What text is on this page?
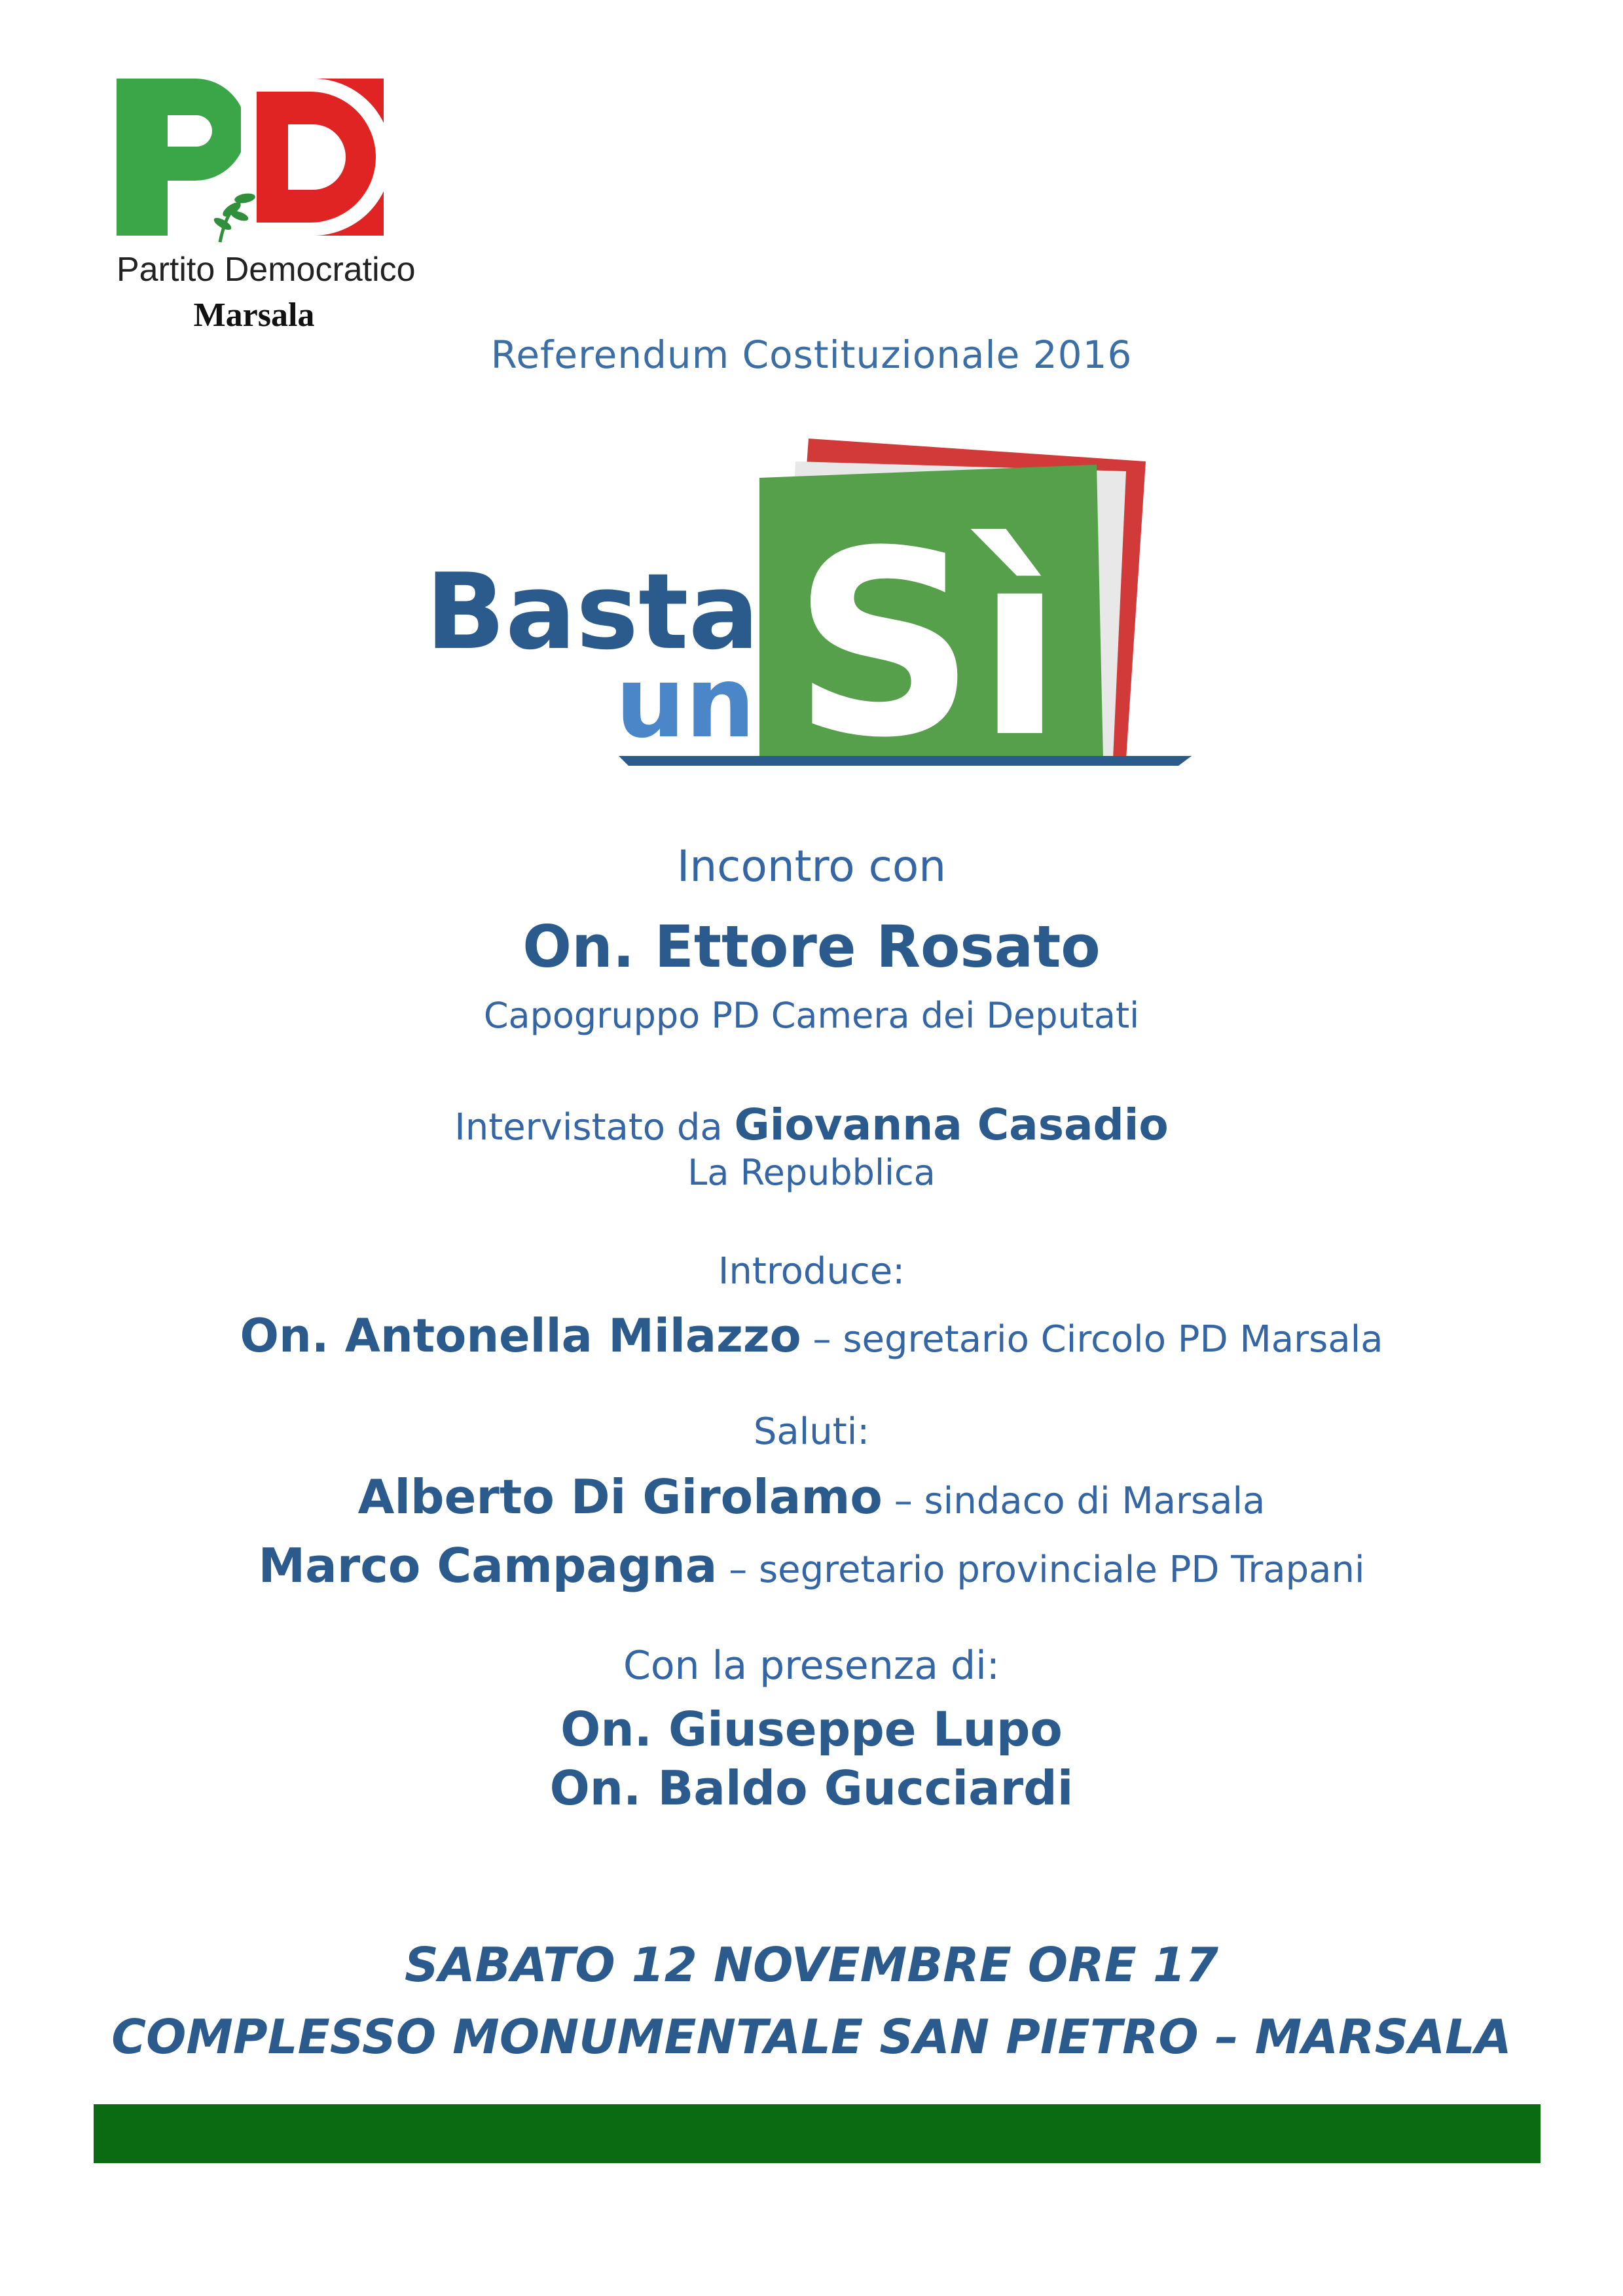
Partito Democratico
Marsala
Referendum Costituzionale 2016
Basta
un Sì
Incontro con
On. Ettore Rosato
Capogruppo PD Camera dei Deputati
Intervistato da Giovanna Casadio
La Repubblica
Introduce:
On. Antonella Milazzo – segretario Circolo PD Marsala
Saluti:
Alberto Di Girolamo – sindaco di Marsala
Marco Campagna – segretario provinciale PD Trapani
Con la presenza di:
On. Giuseppe Lupo
On. Baldo Gucciardi
SABATO 12 NOVEMBRE ORE 17
COMPLESSO MONUMENTALE SAN PIETRO – MARSALA
